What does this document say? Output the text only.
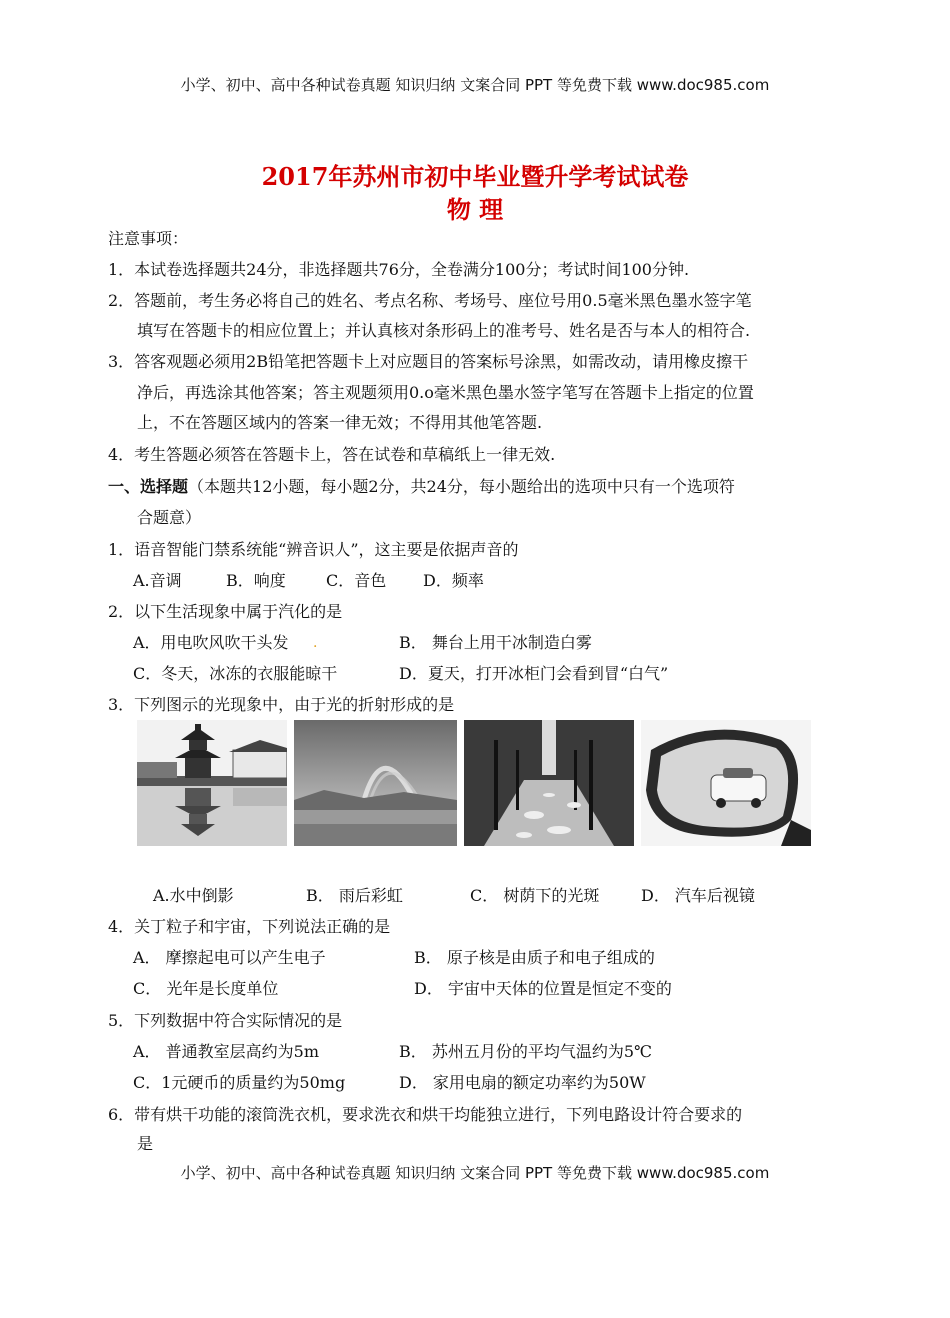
小学、初中、高中各种试卷真题 知识归纳 文案合同 PPT 等免费下载 www.doc985.com
2017年苏州市初中毕业暨升学考试试卷
物 理
注意事项：
1．本试卷选择题共24分，非选择题共76分，全卷满分100分；考试时间100分钟.
2．答题前，考生务必将自己的姓名、考点名称、考场号、座位号用0.5毫米黑色墨水签字笔
填写在答题卡的相应位置上；并认真核对条形码上的准考号、姓名是否与本人的相符合.
3．答客观题必须用2B铅笔把答题卡上对应题目的答案标号涂黑，如需改动，请用橡皮擦干
净后，再选涂其他答案；答主观题须用0.o毫米黑色墨水签字笔写在答题卡上指定的位置
上，不在答题区域内的答案一律无效；不得用其他笔答题.
4．考生答题必须答在答题卡上，答在试卷和草稿纸上一律无效.
一、选择题（本题共12小题，每小题2分，共24分，每小题给出的选项中只有一个选项符
合题意）
1．语音智能门禁系统能“辨音识人”，这主要是依据声音的
A.音调	B．响度	C．音色 D．频率
2．以下生活现象中属于汽化的是
A．用电吹风吹干头发	B． 舞台上用干冰制造白雾
C．冬天，冰冻的衣服能晾干	D．夏天，打开冰柜门会看到冒“白气”
·
3．下列图示的光现象中，由于光的折射形成的是
A.水中倒影	B． 雨后彩虹	C． 树荫下的光斑	D． 汽车后视镜
4．关丁粒子和宇宙，下列说法正确的是
A． 摩擦起电可以产生电子	B． 原子核是由质子和电子组成的
C． 光年是长度单位	D． 宇宙中天体的位置是恒定不变的
5．下列数据中符合实际情况的是
A． 普通教室层高约为5m	B． 苏州五月份的平均气温约为5℃
C．1元硬币的质量约为50mg	D． 家用电扇的额定功率约为50W
6．带有烘干功能的滚筒洗衣机，要求洗衣和烘干均能独立进行，下列电路设计符合要求的
是
小学、初中、高中各种试卷真题 知识归纳 文案合同 PPT 等免费下载 www.doc985.com
